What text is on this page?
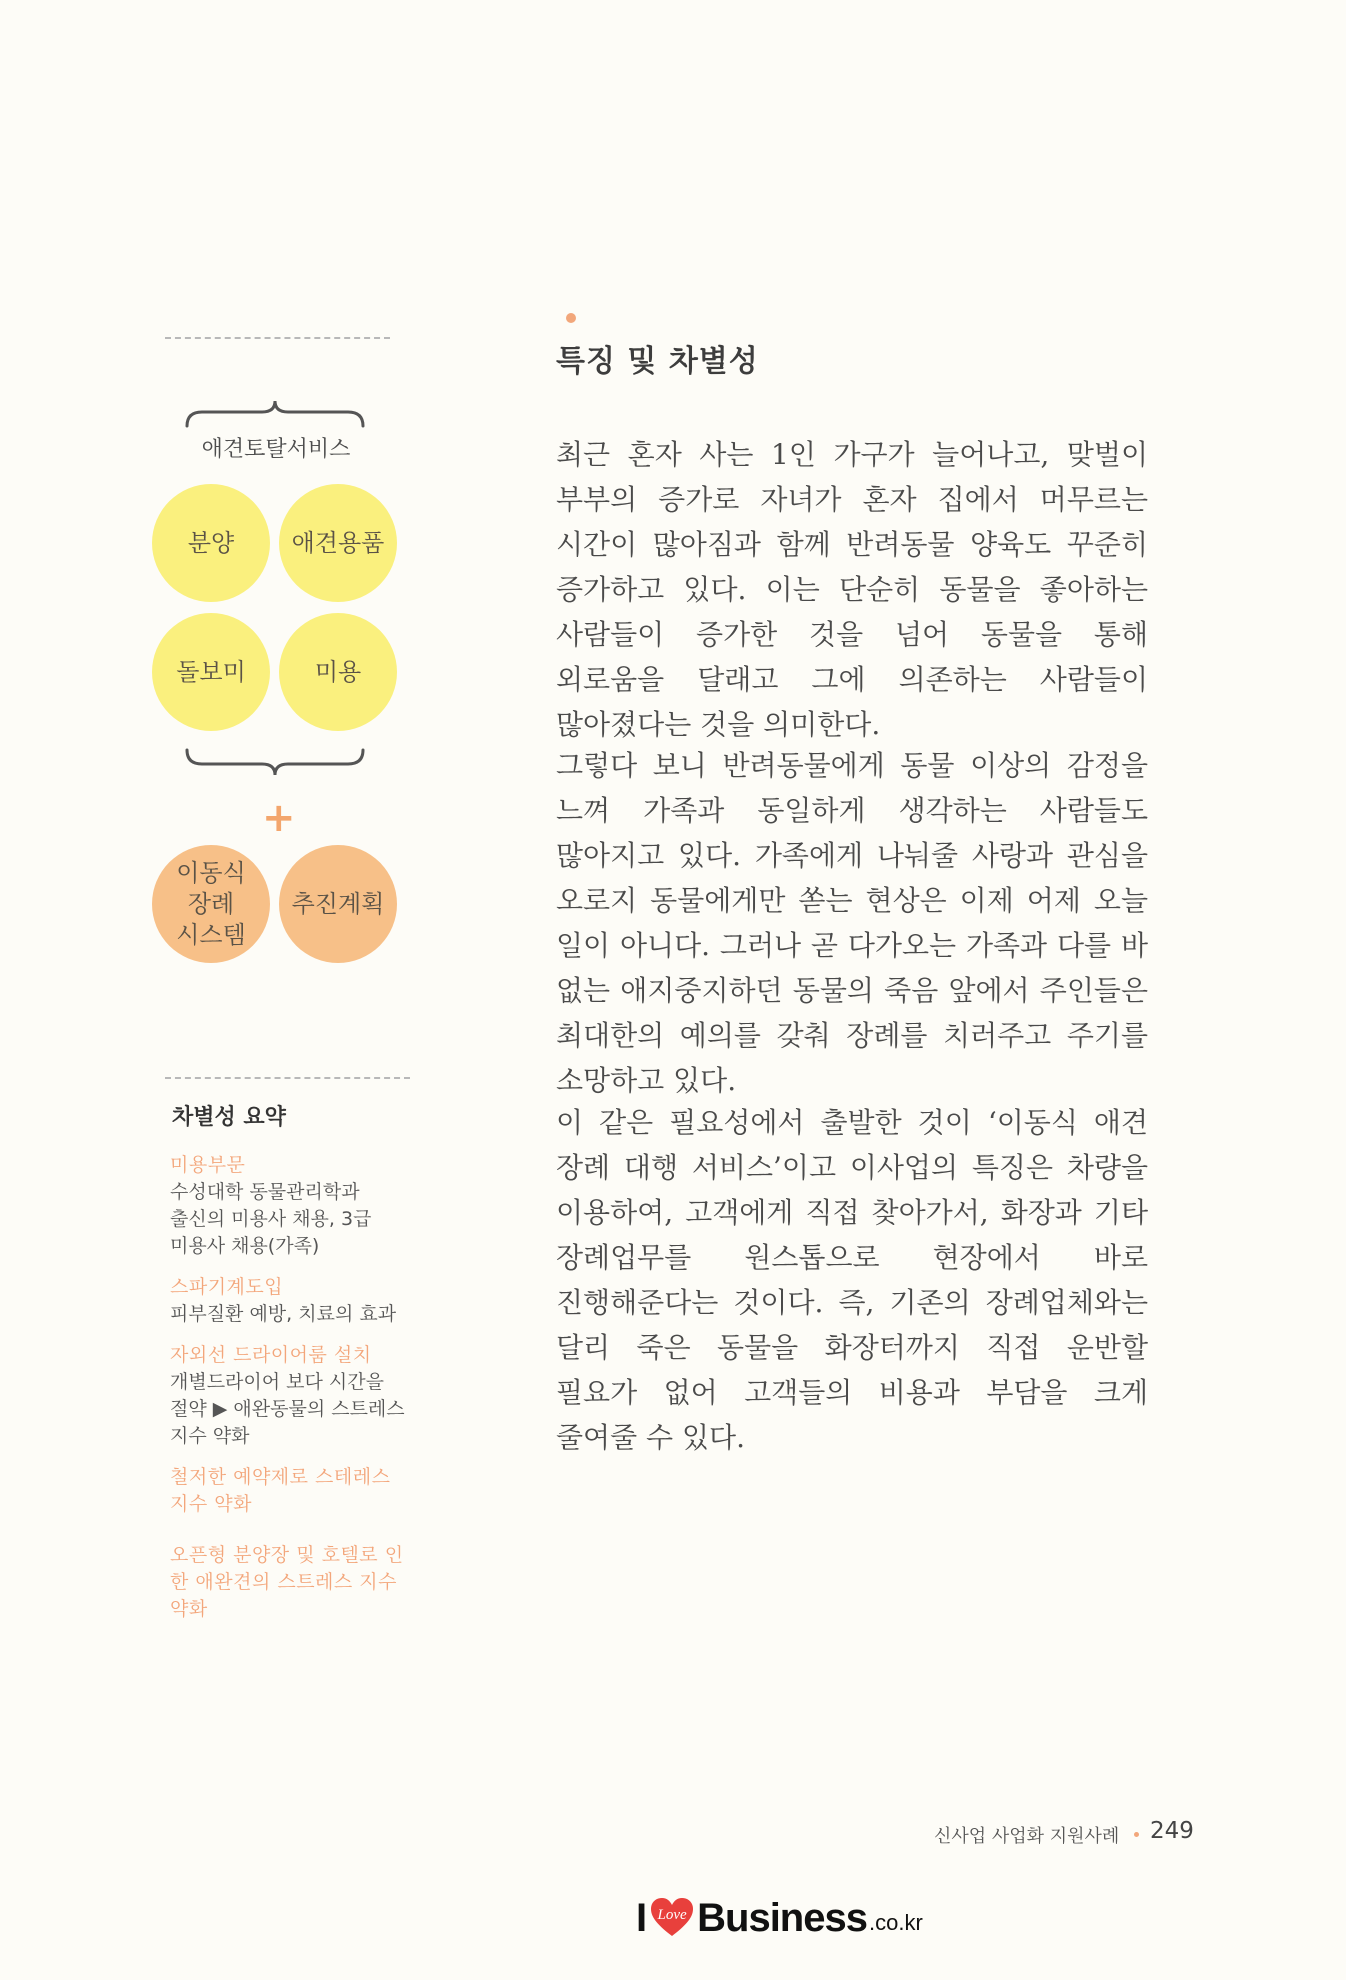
애견토탈서비스
분양	애견용품
돌보미	미용
+
이동식
장례
시스템
추진계획
차별성 요약
미용부문
수성대학 동물관리학과 출신의 미용사 채용, 3급 미용사 채용(가족)
스파기계도입
피부질환 예방, 치료의 효과
자외선 드라이어룸 설치
개별드라이어 보다 시간을 절약 ▶ 애완동물의 스트레스 지수 약화
철저한 예약제로 스테레스 지수 약화
오픈형 분양장 및 호텔로 인한 애완견의 스트레스 지수약화
특징 및 차별성
최근 혼자 사는 1인 가구가 늘어나고, 맞벌이 부부의 증가로 자녀가 혼자 집에서 머무르는 시간이 많아짐과 함께 반려동물 양육도 꾸준히 증가하고 있다. 이는 단순히 동물을 좋아하는 사람들이 증가한 것을 넘어 동물을 통해 외로움을 달래고 그에 의존하는 사람들이 많아졌다는 것을 의미한다.
그렇다 보니 반려동물에게 동물 이상의 감정을 느껴 가족과 동일하게 생각하는 사람들도 많아지고 있다. 가족에게 나눠줄 사랑과 관심을 오로지 동물에게만 쏟는 현상은 이제 어제 오늘 일이 아니다. 그러나 곧 다가오는 가족과 다를 바 없는 애지중지하던 동물의 죽음 앞에서 주인들은 최대한의 예의를 갖춰 장례를 치러주고 주기를 소망하고 있다.
이 같은 필요성에서 출발한 것이 ‘이동식 애견 장례 대행 서비스’이고 이사업의 특징은 차량을 이용하여, 고객에게 직접 찾아가서, 화장과 기타 장례업무를 원스톱으로 현장에서 바로 진행해준다는 것이다. 즉, 기존의 장례업체와는 달리 죽은 동물을 화장터까지 직접 운반할 필요가 없어 고객들의 비용과 부담을 크게 줄여줄 수 있다.
신사업 사업화 지원사례 249
I Love Business .co.kr
